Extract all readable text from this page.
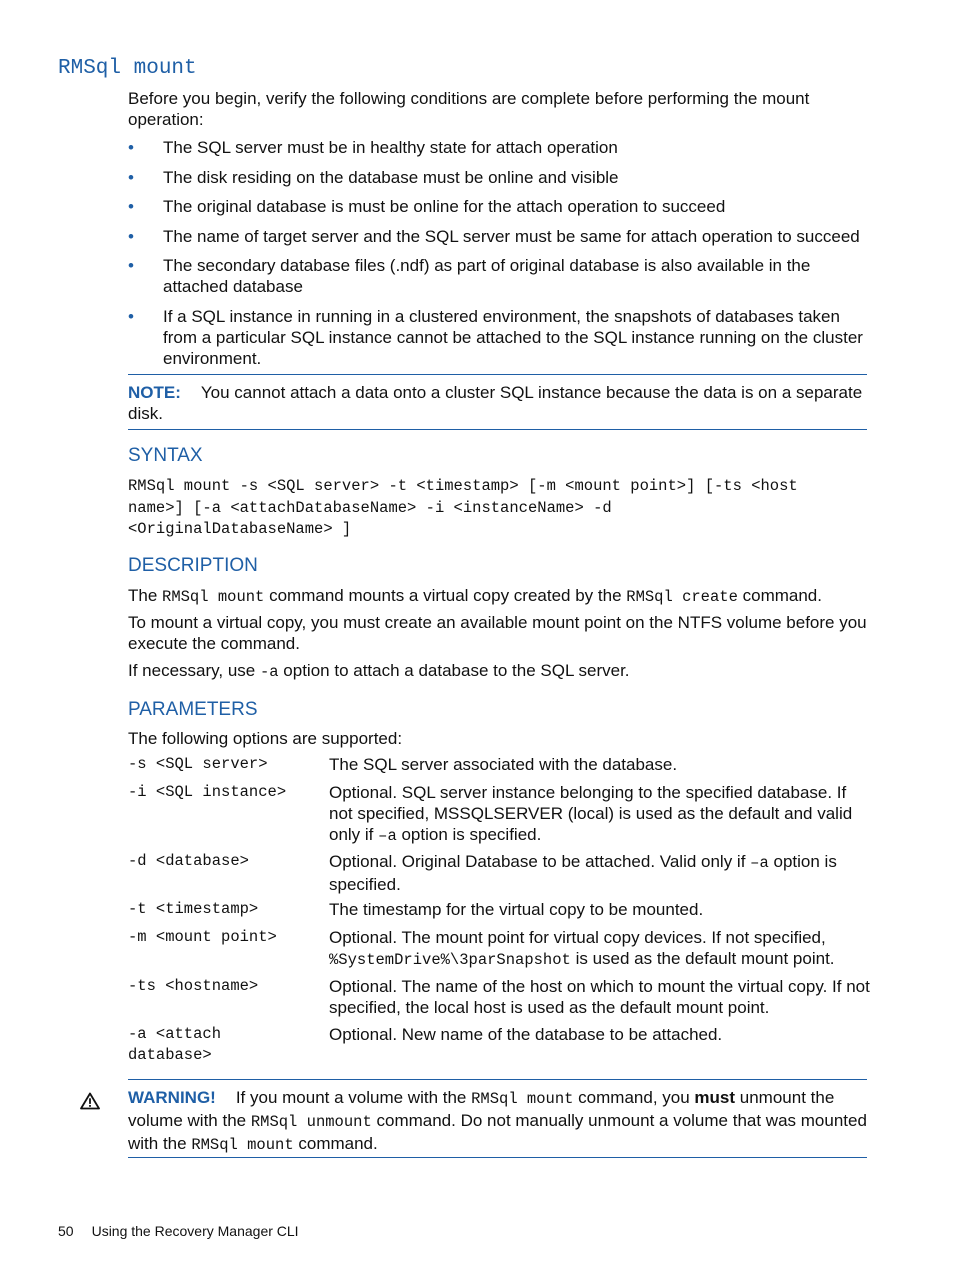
RMSql mount
Before you begin, verify the following conditions are complete before performing the mount operation:
• The SQL server must be in healthy state for attach operation
• The disk residing on the database must be online and visible
• The original database is must be online for the attach operation to succeed
• The name of target server and the SQL server must be same for attach operation to succeed
• The secondary database files (.ndf) as part of original database is also available in the attached database
• If a SQL instance in running in a clustered environment, the snapshots of databases taken from a particular SQL instance cannot be attached to the SQL instance running on the cluster environment.
NOTE: You cannot attach a data onto a cluster SQL instance because the data is on a separate disk.
SYNTAX
RMSql mount -s <SQL server> -t <timestamp> [-m <mount point>] [-ts <host
name>] [-a <attachDatabaseName> -i <instanceName> -d
<OriginalDatabaseName> ]
DESCRIPTION
The RMSql mount command mounts a virtual copy created by the RMSql create command.
To mount a virtual copy, you must create an available mount point on the NTFS volume before you execute the command.
If necessary, use -a option to attach a database to the SQL server.
PARAMETERS
The following options are supported:
-s <SQL server>	The SQL server associated with the database.
-i <SQL instance>	Optional. SQL server instance belonging to the specified database. If not specified, MSSQLSERVER (local) is used as the default and valid only if –a option is specified.
-d <database>	Optional. Original Database to be attached. Valid only if –a option is specified.
-t <timestamp>	The timestamp for the virtual copy to be mounted.
-m <mount point>	Optional. The mount point for virtual copy devices. If not specified, %SystemDrive%\3parSnapshot is used as the default mount point.
-ts <hostname>	Optional. The name of the host on which to mount the virtual copy. If not specified, the local host is used as the default mount point.
-a <attach database>
Optional. New name of the database to be attached.
WARNING! If you mount a volume with the RMSql mount command, you must unmount the volume with the RMSql unmount command. Do not manually unmount a volume that was mounted with the RMSql mount command.
50 Using the Recovery Manager CLI
